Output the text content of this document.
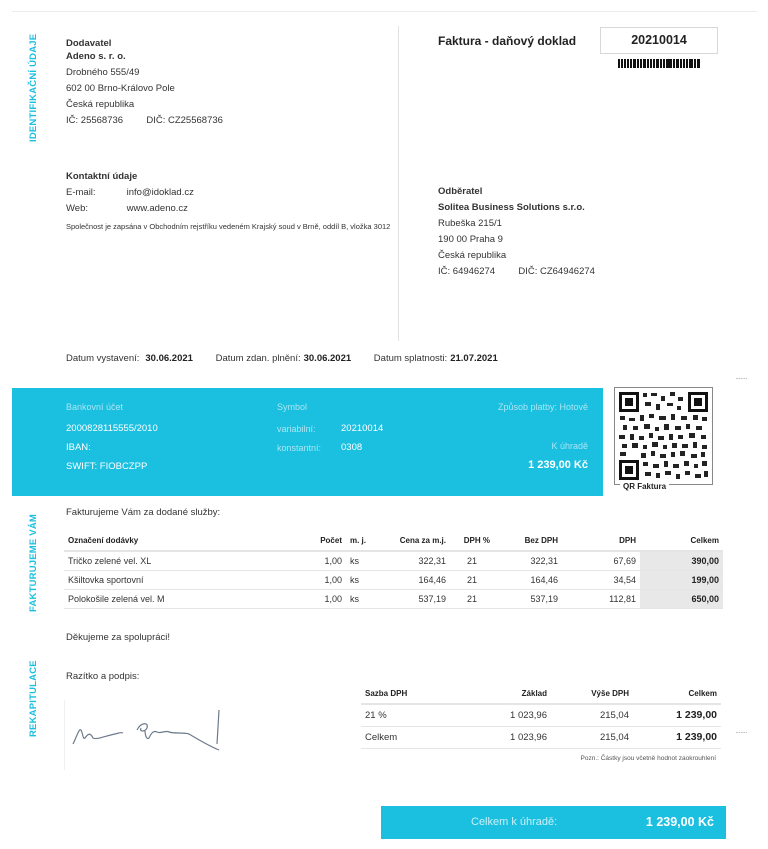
IDENTIFIKAČNÍ ÚDAJE
FAKTURUJEME VÁM
REKAPITULACE
Dodavatel
Adeno s. r. o.
Drobného 555/49
602 00 Brno-Královo Pole
Česká republika
IČ: 25568736 DIČ: CZ25568736
Kontaktní údaje
E-mail:	info@idoklad.cz
Web:	www.adeno.cz
Společnost je zapsána v Obchodním rejstříku vedeném Krajský soud v Brně, oddíl B, vložka 3012
Faktura - daňový doklad	20210014
Odběratel
Solitea Business Solutions s.r.o.
Rubeška 215/1
190 00 Praha 9
Česká republika
IČ: 64946274 DIČ: CZ64946274
Datum vystavení: 30.06.2021 Datum zdan. plnění: 30.06.2021 Datum splatnosti: 21.07.2021
·······
Bankovní účet
2000828115555/2010
IBAN:
SWIFT: FIOBCZPP
Symbol
variabilní:	20210014
konstantní: 0308
Způsob platby: Hotově
K úhradě
1 239,00 Kč
QR Faktura
Fakturujeme Vám za dodané služby:
Označení dodávky	Počet	m. j.	Cena za m.j.	DPH %	Bez DPH	DPH	Celkem
Tričko zelené vel. XL	1,00	ks	322,31	21	322,31	67,69	390,00
Kšiltovka sportovní	1,00	ks	164,46	21	164,46	34,54	199,00
Polokošile zelená vel. M	1,00	ks	537,19	21	537,19	112,81	650,00
Děkujeme za spolupráci!
Razítko a podpis:
Sazba DPH	Základ	Výše DPH	Celkem
21 %	1 023,96	215,04	1 239,00
Celkem	1 023,96	215,04	1 239,00 ·······
Pozn.: Částky jsou včetně hodnot zaokrouhlení
Celkem k úhradě:	1 239,00 Kč
